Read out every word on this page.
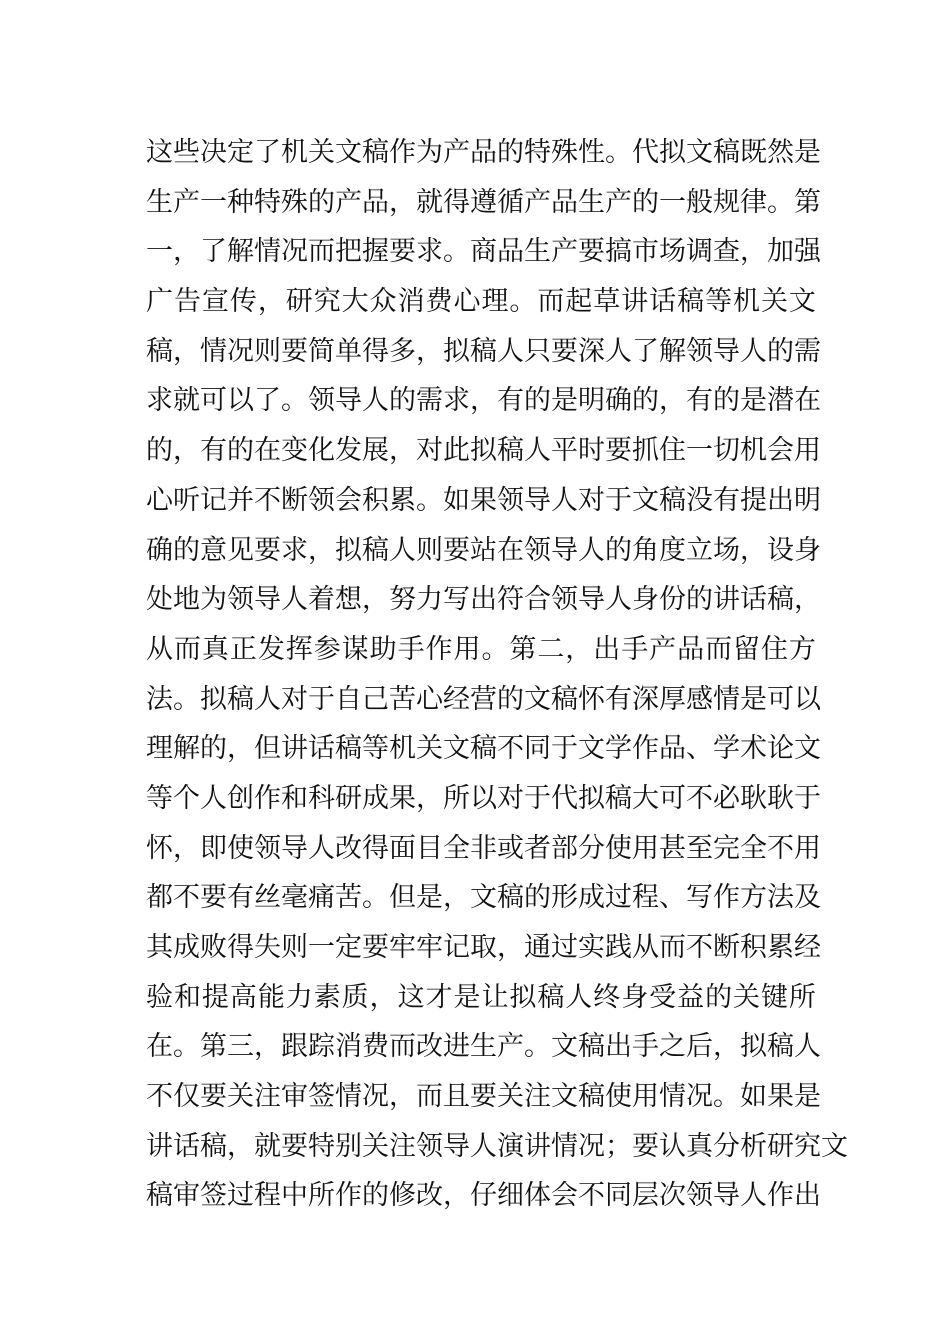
这 些 决 定 了 机 关 文 稿 作 为 产 品 的 特 殊 性 。 代 拟 文 稿 既 然 是
生 产 一 种 特 殊 的 产 品 ， 就 得 遵 循 产 品 生 产 的 一 般 规 律 。 第
一 ， 了 解 情 况 而 把 握 要 求 。 商 品 生 产 要 搞 市 场 调 查 ， 加 强
广 告 宣 传 ， 研 究 大 众 消 费 心 理 。 而 起 草 讲 话 稿 等 机 关 文
稿 ， 情 况 则 要 简 单 得 多 ， 拟 稿 人 只 要 深 人 了 解 领 导 人 的 需
求 就 可 以 了 。 领 导 人 的 需 求 ， 有 的 是 明 确 的 ， 有 的 是 潜 在
的 ， 有 的 在 变 化 发 展 ， 对 此 拟 稿 人 平 时 要 抓 住 一 切 机 会 用
心 听 记 并 不 断 领 会 积 累 。 如 果 领 导 人 对 于 文 稿 没 有 提 出 明
确 的 意 见 要 求 ， 拟 稿 人 则 要 站 在 领 导 人 的 角 度 立 场 ， 设 身
处 地 为 领 导 人 着 想 ， 努 力 写 出 符 合 领 导 人 身 份 的 讲 话 稿 ，
从 而 真 正 发 挥 参 谋 助 手 作 用 。 第 二 ， 出 手 产 品 而 留 住 方
法 。 拟 稿 人 对 于 自 己 苦 心 经 营 的 文 稿 怀 有 深 厚 感 情 是 可 以
理 解 的 ， 但 讲 话 稿 等 机 关 文 稿 不 同 于 文 学 作 品 、 学 术 论 文
等 个 人 创 作 和 科 研 成 果 ， 所 以 对 于 代 拟 稿 大 可 不 必 耿 耿 于
怀 ， 即 使 领 导 人 改 得 面 目 全 非 或 者 部 分 使 用 甚 至 完 全 不 用
都 不 要 有 丝 毫 痛 苦 。 但 是 ， 文 稿 的 形 成 过 程 、 写 作 方 法 及
其 成 败 得 失 则 一 定 要 牢 牢 记 取 ， 通 过 实 践 从 而 不 断 积 累 经
验 和 提 高 能 力 素 质 ， 这 才 是 让 拟 稿 人 终 身 受 益 的 关 键 所
在 。 第 三 ， 跟 踪 消 费 而 改 进 生 产 。 文 稿 出 手 之 后 ， 拟 稿 人
不 仅 要 关 注 审 签 情 况 ， 而 且 要 关 注 文 稿 使 用 情 况 。 如 果 是
讲 话 稿 ， 就 要 特 别 关 注 领 导 人 演 讲 情 况 ； 要 认 真 分 析 研 究 文
稿 审 签 过 程 中 所 作 的 修 改 ， 仔 细 体 会 不 同 层 次 领 导 人 作 出
